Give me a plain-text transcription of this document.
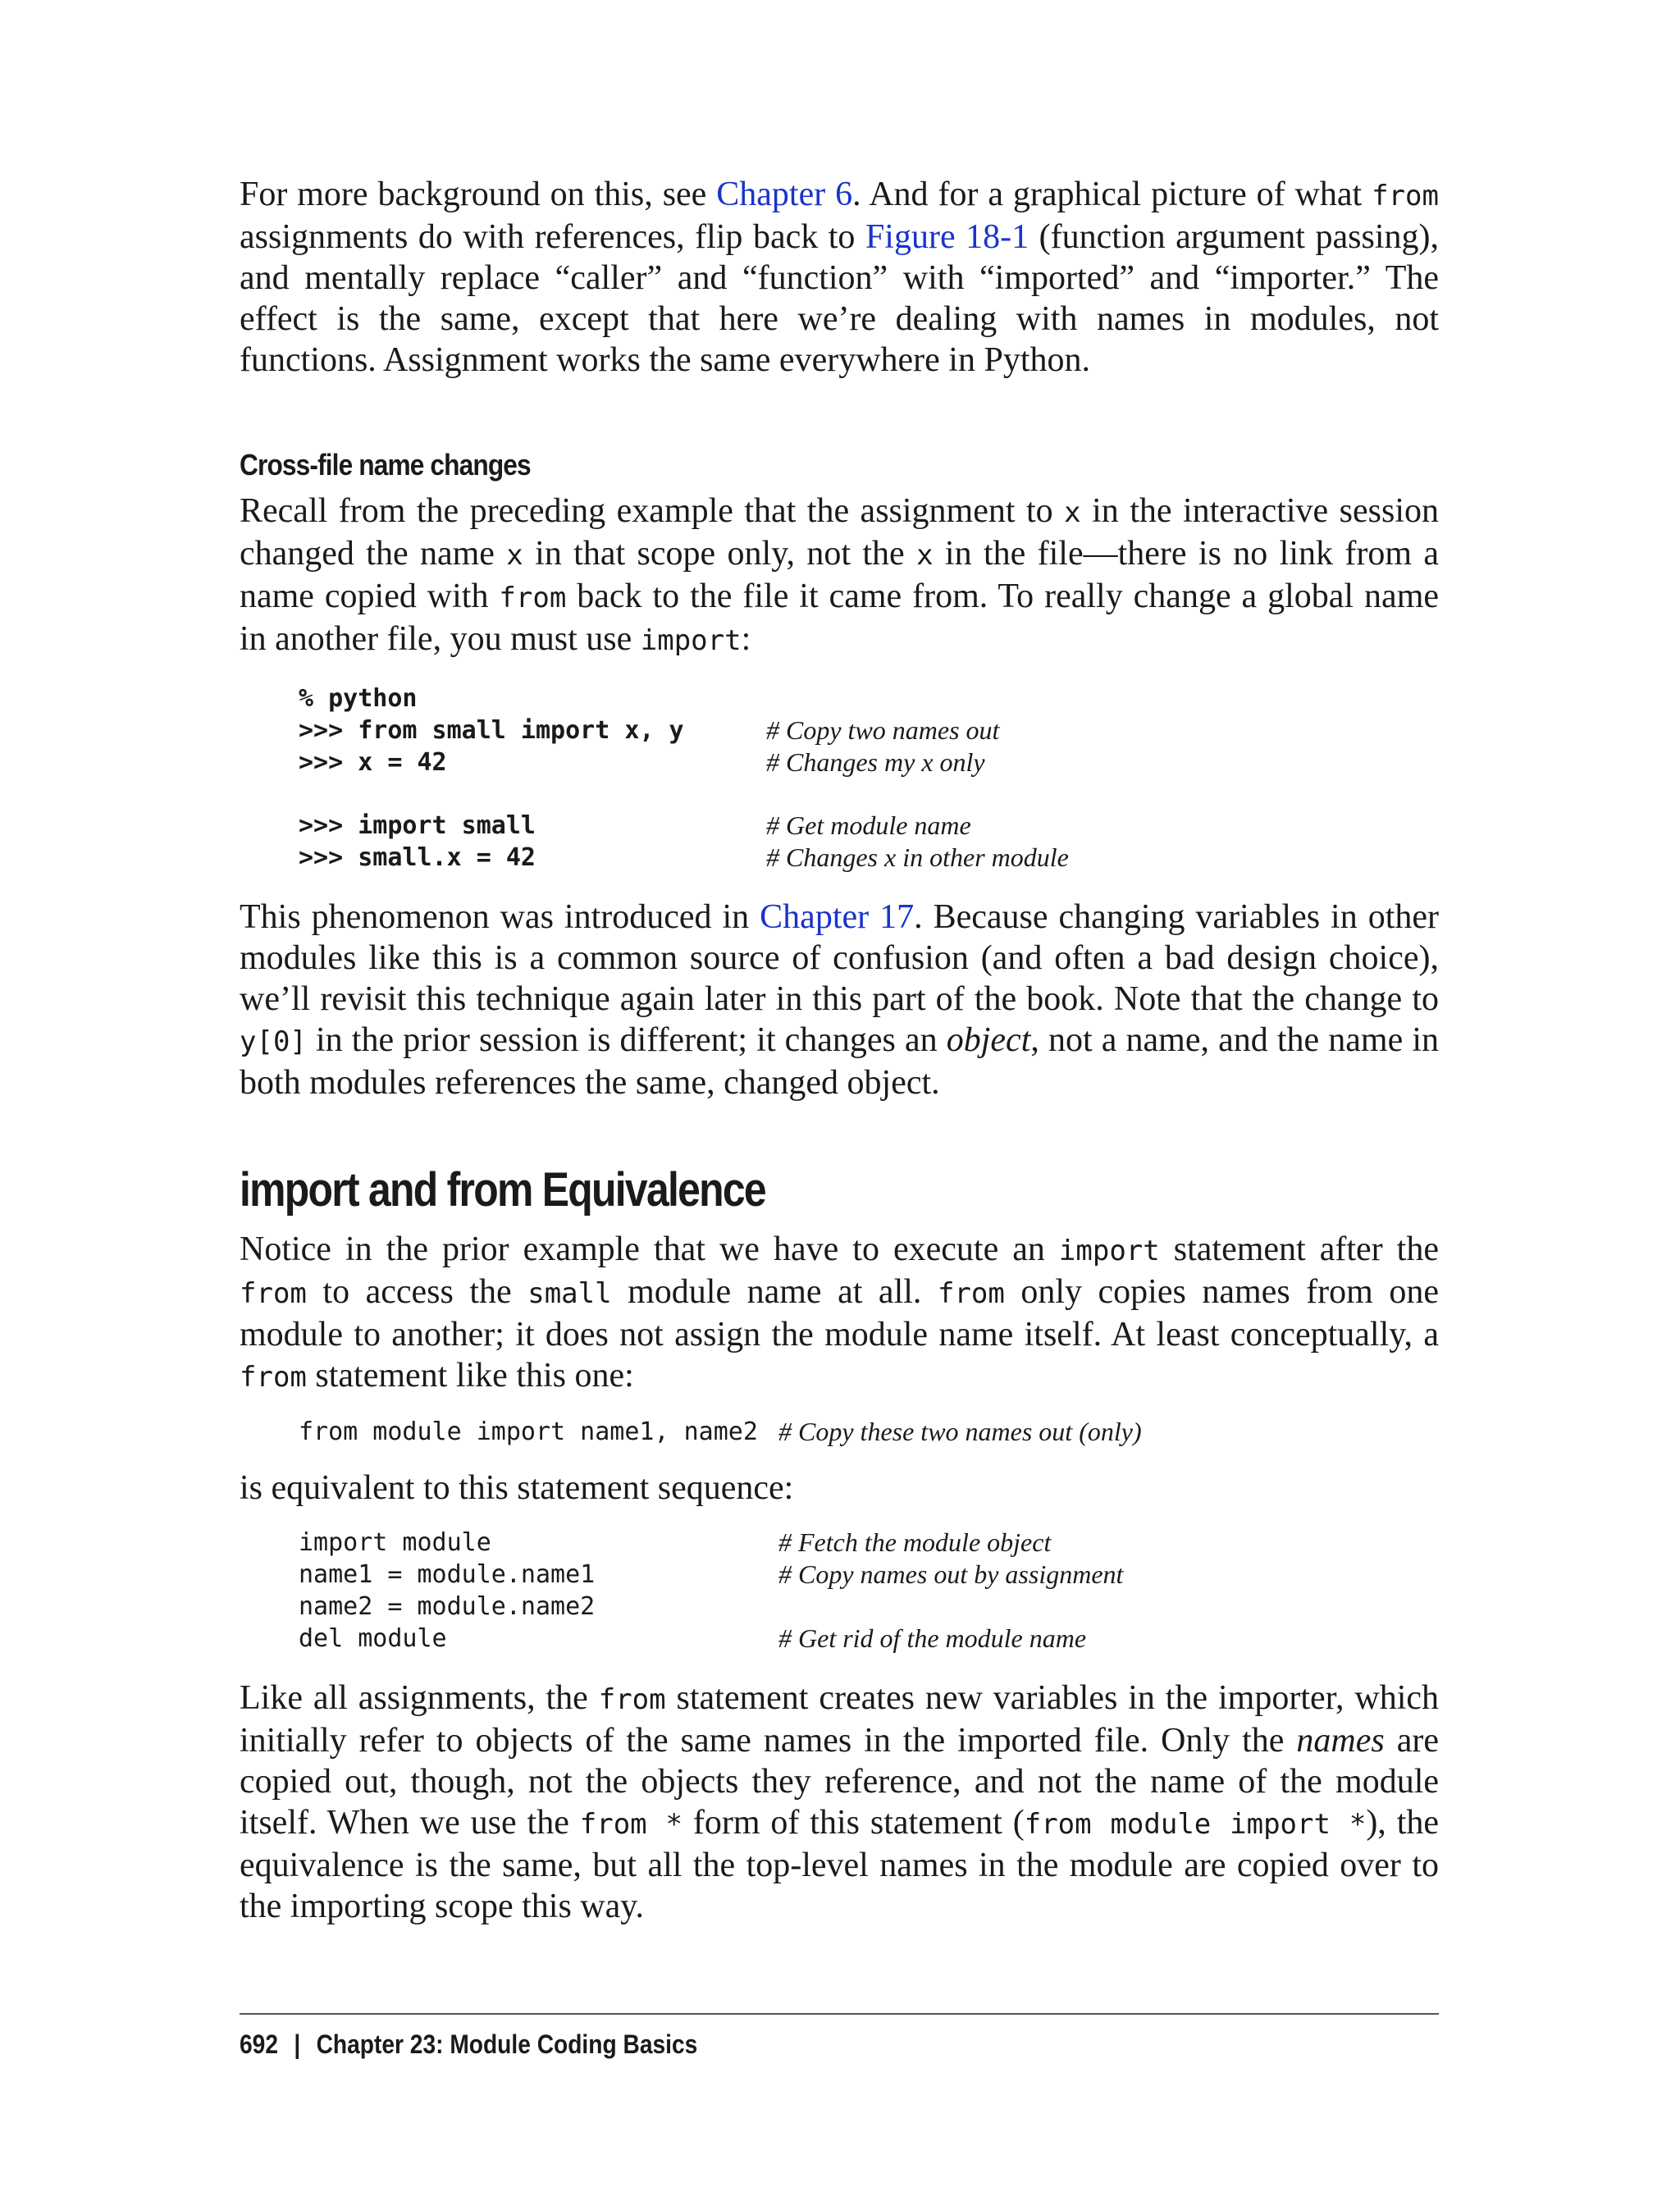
For more background on this, see Chapter 6. And for a graphical picture of what from assignments do with references, flip back to Figure 18-1 (function argument passing), and mentally replace “caller” and “function” with “imported” and “importer.” The effect is the same, except that here we’re dealing with names in modules, not functions. Assignment works the same everywhere in Python.

Cross-file name changes

Recall from the preceding example that the assignment to x in the interactive session changed the name x in that scope only, not the x in the file—there is no link from a name copied with from back to the file it came from. To really change a global name in another file, you must use import:

% python
>>> from small import x, y	# Copy two names out
>>> x = 42	# Changes my x only
>>> import small	# Get module name
>>> small.x = 42	# Changes x in other module

This phenomenon was introduced in Chapter 17. Because changing variables in other modules like this is a common source of confusion (and often a bad design choice), we’ll revisit this technique again later in this part of the book. Note that the change to y[0] in the prior session is different; it changes an object, not a name, and the name in both modules references the same, changed object.

import and from Equivalence

Notice in the prior example that we have to execute an import statement after the from to access the small module name at all. from only copies names from one module to another; it does not assign the module name itself. At least conceptually, a from statement like this one:

from module import name1, name2 # Copy these two names out (only)

is equivalent to this statement sequence:

import module	# Fetch the module object
name1 = module.name1	# Copy names out by assignment
name2 = module.name2
del module	# Get rid of the module name

Like all assignments, the from statement creates new variables in the importer, which initially refer to objects of the same names in the imported file. Only the names are copied out, though, not the objects they reference, and not the name of the module itself. When we use the from * form of this statement (from module import *), the equivalence is the same, but all the top-level names in the module are copied over to the importing scope this way.

692 | Chapter 23: Module Coding Basics
